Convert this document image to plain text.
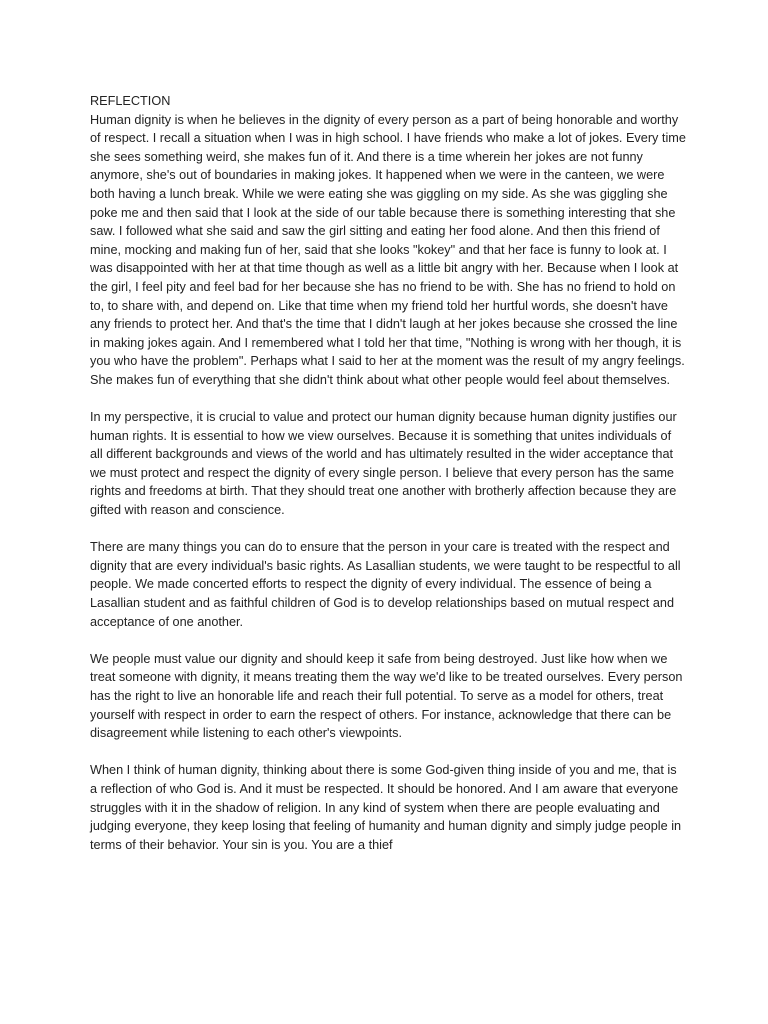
REFLECTION

Human dignity is when he believes in the dignity of every person as a part of being honorable and worthy of respect. I recall a situation when I was in high school. I have friends who make a lot of jokes. Every time she sees something weird, she makes fun of it. And there is a time wherein her jokes are not funny anymore, she's out of boundaries in making jokes. It happened when we were in the canteen, we were both having a lunch break. While we were eating she was giggling on my side. As she was giggling she poke me and then said that I look at the side of our table because there is something interesting that she saw. I followed what she said and saw the girl sitting and eating her food alone. And then this friend of mine, mocking and making fun of her, said that she looks "kokey" and that her face is funny to look at. I was disappointed with her at that time though as well as a little bit angry with her. Because when I look at the girl, I feel pity and feel bad for her because she has no friend to be with. She has no friend to hold on to, to share with, and depend on. Like that time when my friend told her hurtful words, she doesn't have any friends to protect her. And that's the time that I didn't laugh at her jokes because she crossed the line in making jokes again. And I remembered what I told her that time, "Nothing is wrong with her though, it is you who have the problem". Perhaps what I said to her at the moment was the result of my angry feelings. She makes fun of everything that she didn't think about what other people would feel about themselves.

In my perspective, it is crucial to value and protect our human dignity because human dignity justifies our human rights. It is essential to how we view ourselves. Because it is something that unites individuals of all different backgrounds and views of the world and has ultimately resulted in the wider acceptance that we must protect and respect the dignity of every single person. I believe that every person has the same rights and freedoms at birth. That they should treat one another with brotherly affection because they are gifted with reason and conscience.

There are many things you can do to ensure that the person in your care is treated with the respect and dignity that are every individual's basic rights. As Lasallian students, we were taught to be respectful to all people. We made concerted efforts to respect the dignity of every individual. The essence of being a Lasallian student and as faithful children of God is to develop relationships based on mutual respect and acceptance of one another.

We people must value our dignity and should keep it safe from being destroyed. Just like how when we treat someone with dignity, it means treating them the way we'd like to be treated ourselves. Every person has the right to live an honorable life and reach their full potential. To serve as a model for others, treat yourself with respect in order to earn the respect of others. For instance, acknowledge that there can be disagreement while listening to each other's viewpoints.

When I think of human dignity, thinking about there is some God-given thing inside of you and me, that is a reflection of who God is. And it must be respected. It should be honored. And I am aware that everyone struggles with it in the shadow of religion. In any kind of system when there are people evaluating and judging everyone, they keep losing that feeling of humanity and human dignity and simply judge people in terms of their behavior. Your sin is you. You are a thief
